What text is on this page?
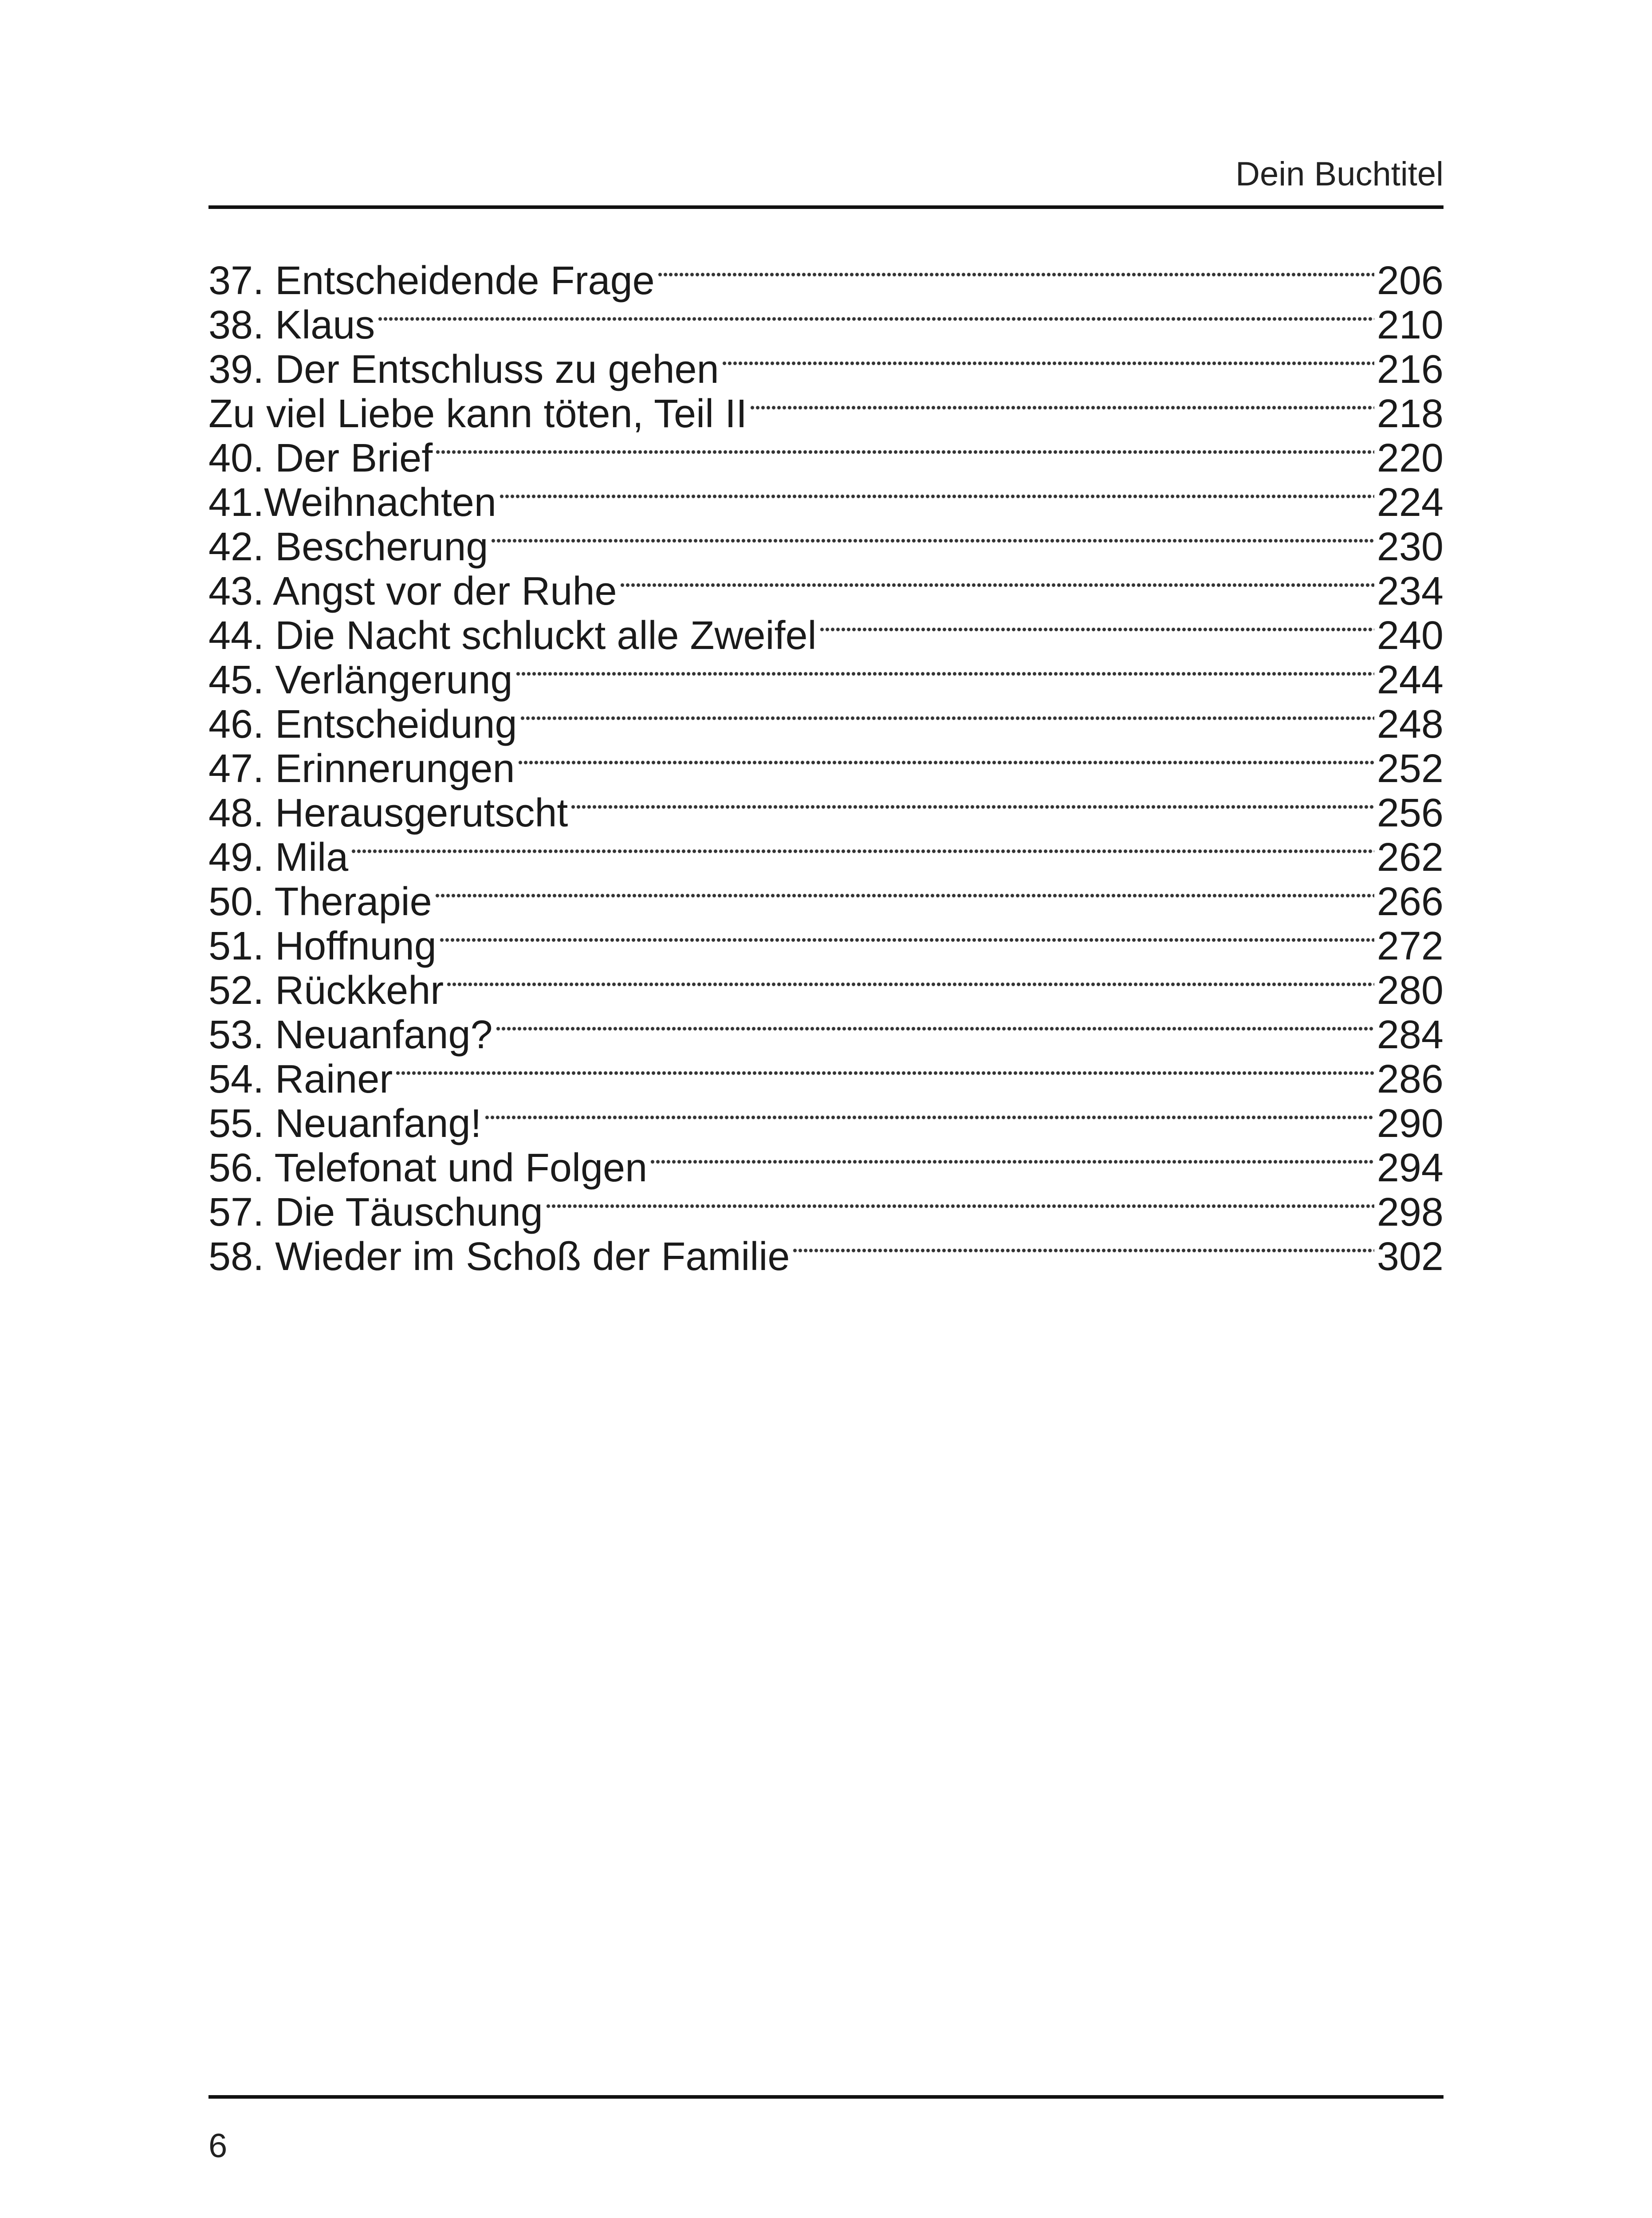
Dein Buchtitel
37. Entscheidende Frage	206
38. Klaus	210
39. Der Entschluss zu gehen	216
Zu viel Liebe kann töten, Teil II	218
40. Der Brief	220
41.Weihnachten	224
42. Bescherung	230
43. Angst vor der Ruhe	234
44. Die Nacht schluckt alle Zweifel	240
45. Verlängerung	244
46. Entscheidung	248
47. Erinnerungen	252
48. Herausgerutscht	256
49. Mila	262
50. Therapie	266
51. Hoffnung	272
52. Rückkehr	280
53. Neuanfang?	284
54. Rainer	286
55. Neuanfang!	290
56. Telefonat und Folgen	294
57. Die Täuschung	298
58. Wieder im Schoß der Familie	302
6
